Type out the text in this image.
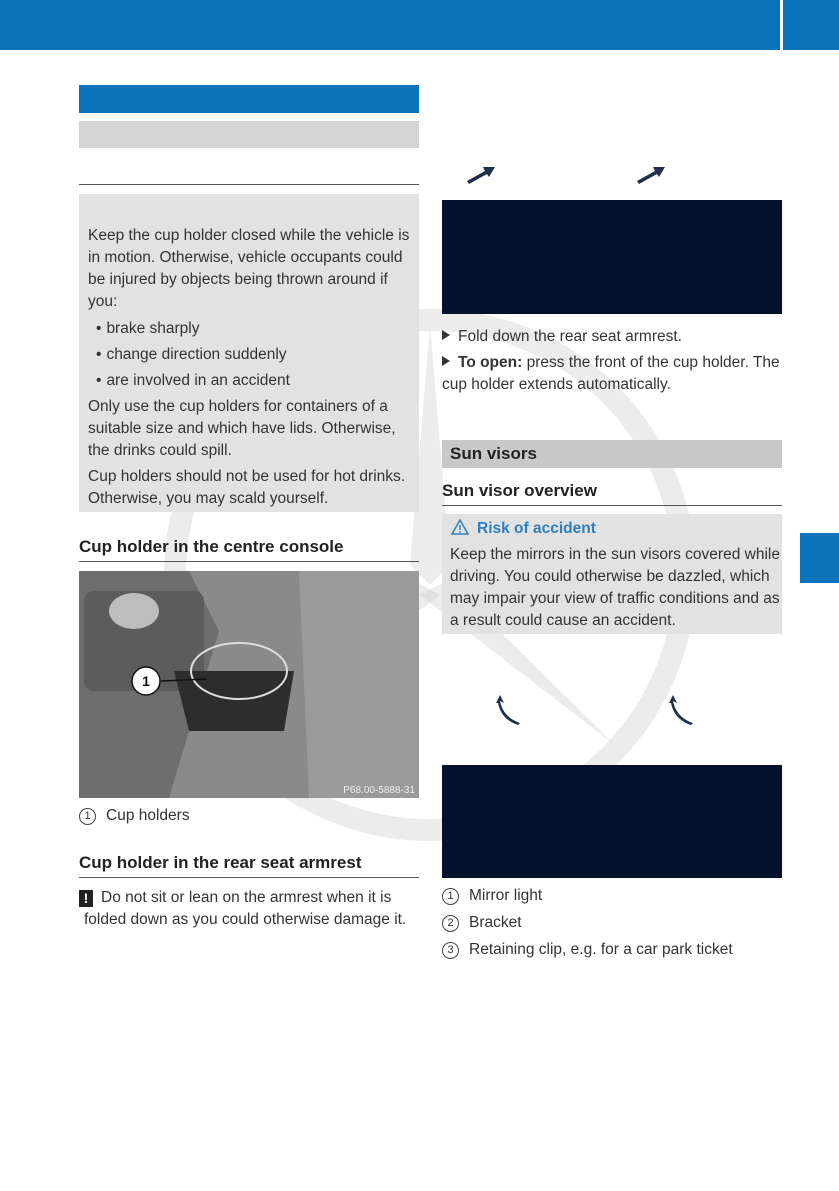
Keep the cup holder closed while the vehicle is in motion. Otherwise, vehicle occupants could be injured by objects being thrown around if you:
• brake sharply
• change direction suddenly
• are involved in an accident
Only use the cup holders for containers of a suitable size and which have lids. Otherwise, the drinks could spill.
Cup holders should not be used for hot drinks. Otherwise, you may scald yourself.
Cup holder in the centre console
1
P68.00-5888-31
1 Cup holders
Cup holder in the rear seat armrest
! Do not sit or lean on the armrest when it is folded down as you could otherwise damage it.
Fold down the rear seat armrest.
To open: press the front of the cup holder. The cup holder extends automatically.
Sun visors
Sun visor overview
Risk of accident
Keep the mirrors in the sun visors covered while driving. You could otherwise be dazzled, which may impair your view of traffic conditions and as a result could cause an accident.
1 Mirror light
2 Bracket
3 Retaining clip, e.g. for a car park ticket
